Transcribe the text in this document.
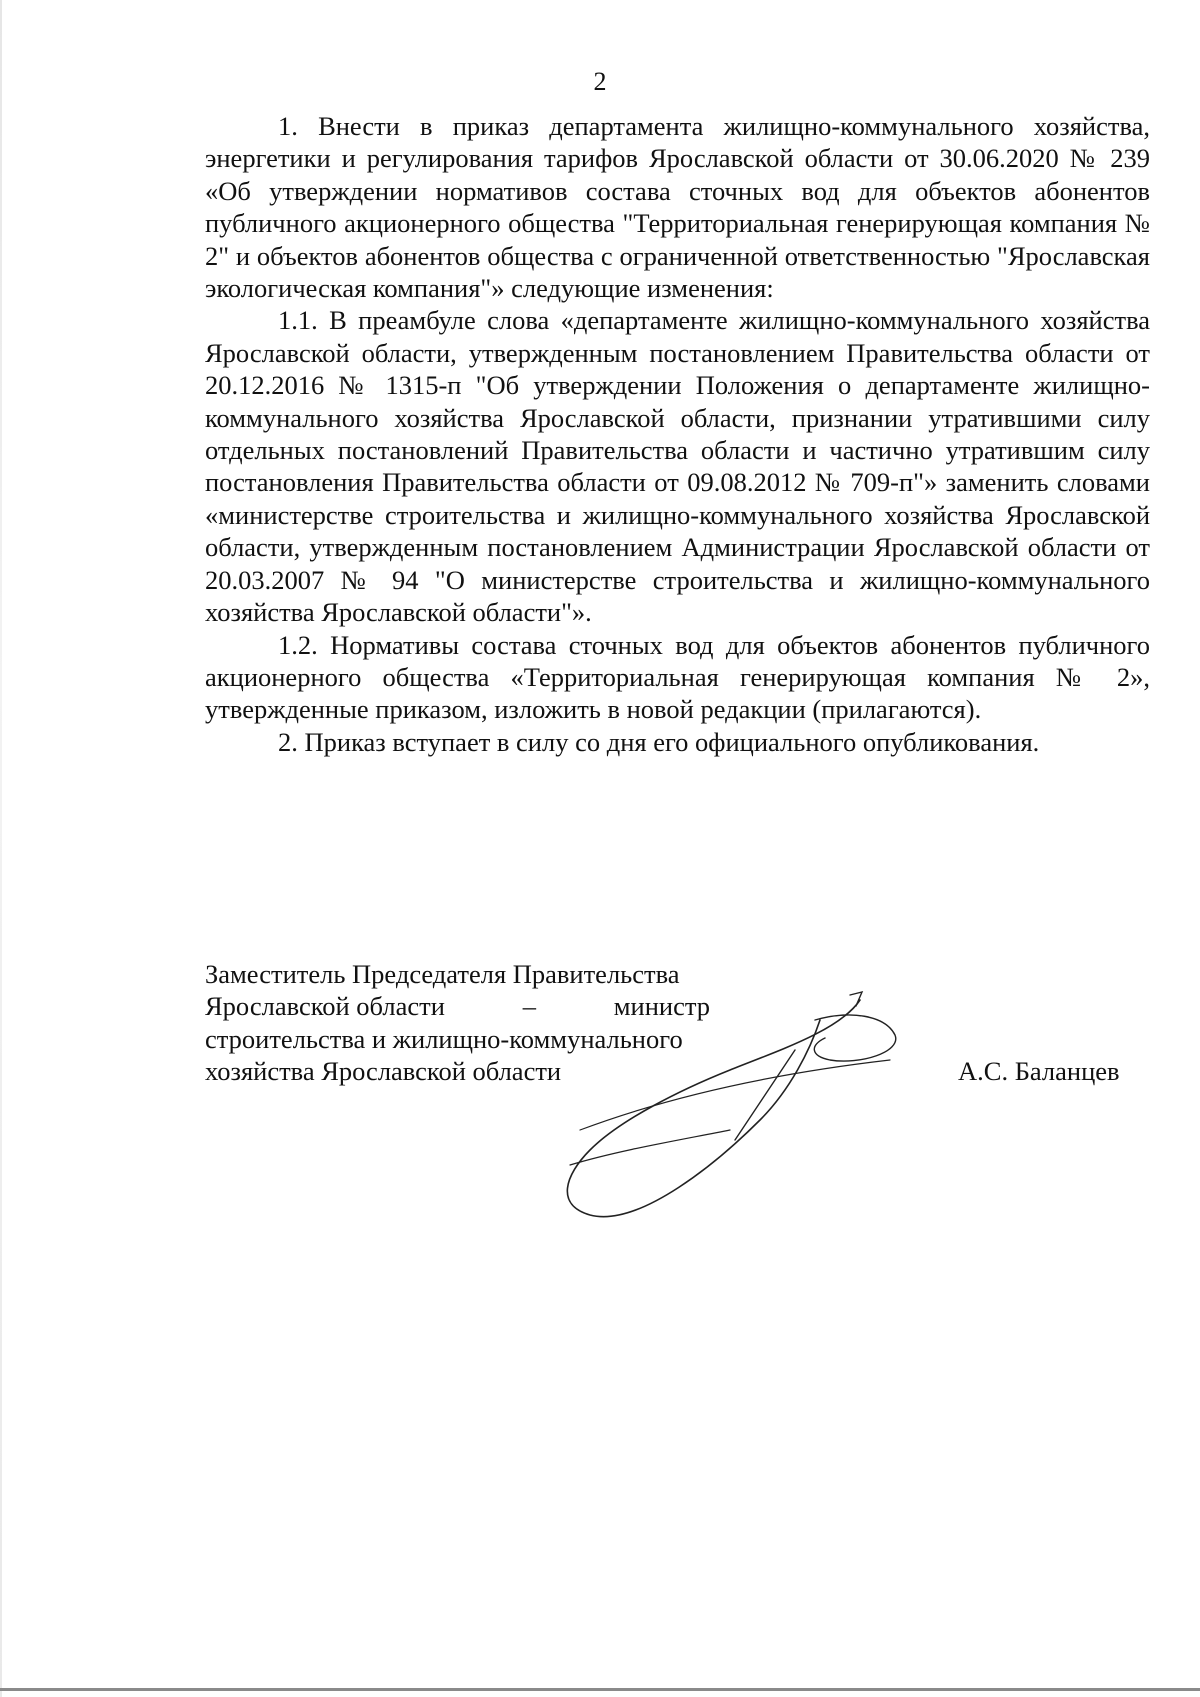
2

1. Внести в приказ департамента жилищно-коммунального хозяйства, энергетики и регулирования тарифов Ярославской области от 30.06.2020 № 239 «Об утверждении нормативов состава сточных вод для объектов абонентов публичного акционерного общества "Территориальная генерирующая компания № 2" и объектов абонентов общества с ограниченной ответственностью "Ярославская экологическая компания"» следующие изменения:

1.1. В преамбуле слова «департаменте жилищно-коммунального хозяйства Ярославской области, утвержденным постановлением Правительства области от 20.12.2016 № 1315-п "Об утверждении Положения о департаменте жилищно-коммунального хозяйства Ярославской области, признании утратившими силу отдельных постановлений Правительства области и частично утратившим силу постановления Правительства области от 09.08.2012 № 709-п"» заменить словами «министерстве строительства и жилищно-коммунального хозяйства Ярославской области, утвержденным постановлением Администрации Ярославской области от 20.03.2007 № 94 "О министерстве строительства и жилищно-коммунального хозяйства Ярославской области"».

1.2. Нормативы состава сточных вод для объектов абонентов публичного акционерного общества «Территориальная генерирующая компания № 2», утвержденные приказом, изложить в новой редакции (прилагаются).

2. Приказ вступает в силу со дня его официального опубликования.

Заместитель Председателя Правительства
Ярославской области	–	министр
строительства и жилищно-коммунального
хозяйства Ярославской области	А.С. Баланцев
